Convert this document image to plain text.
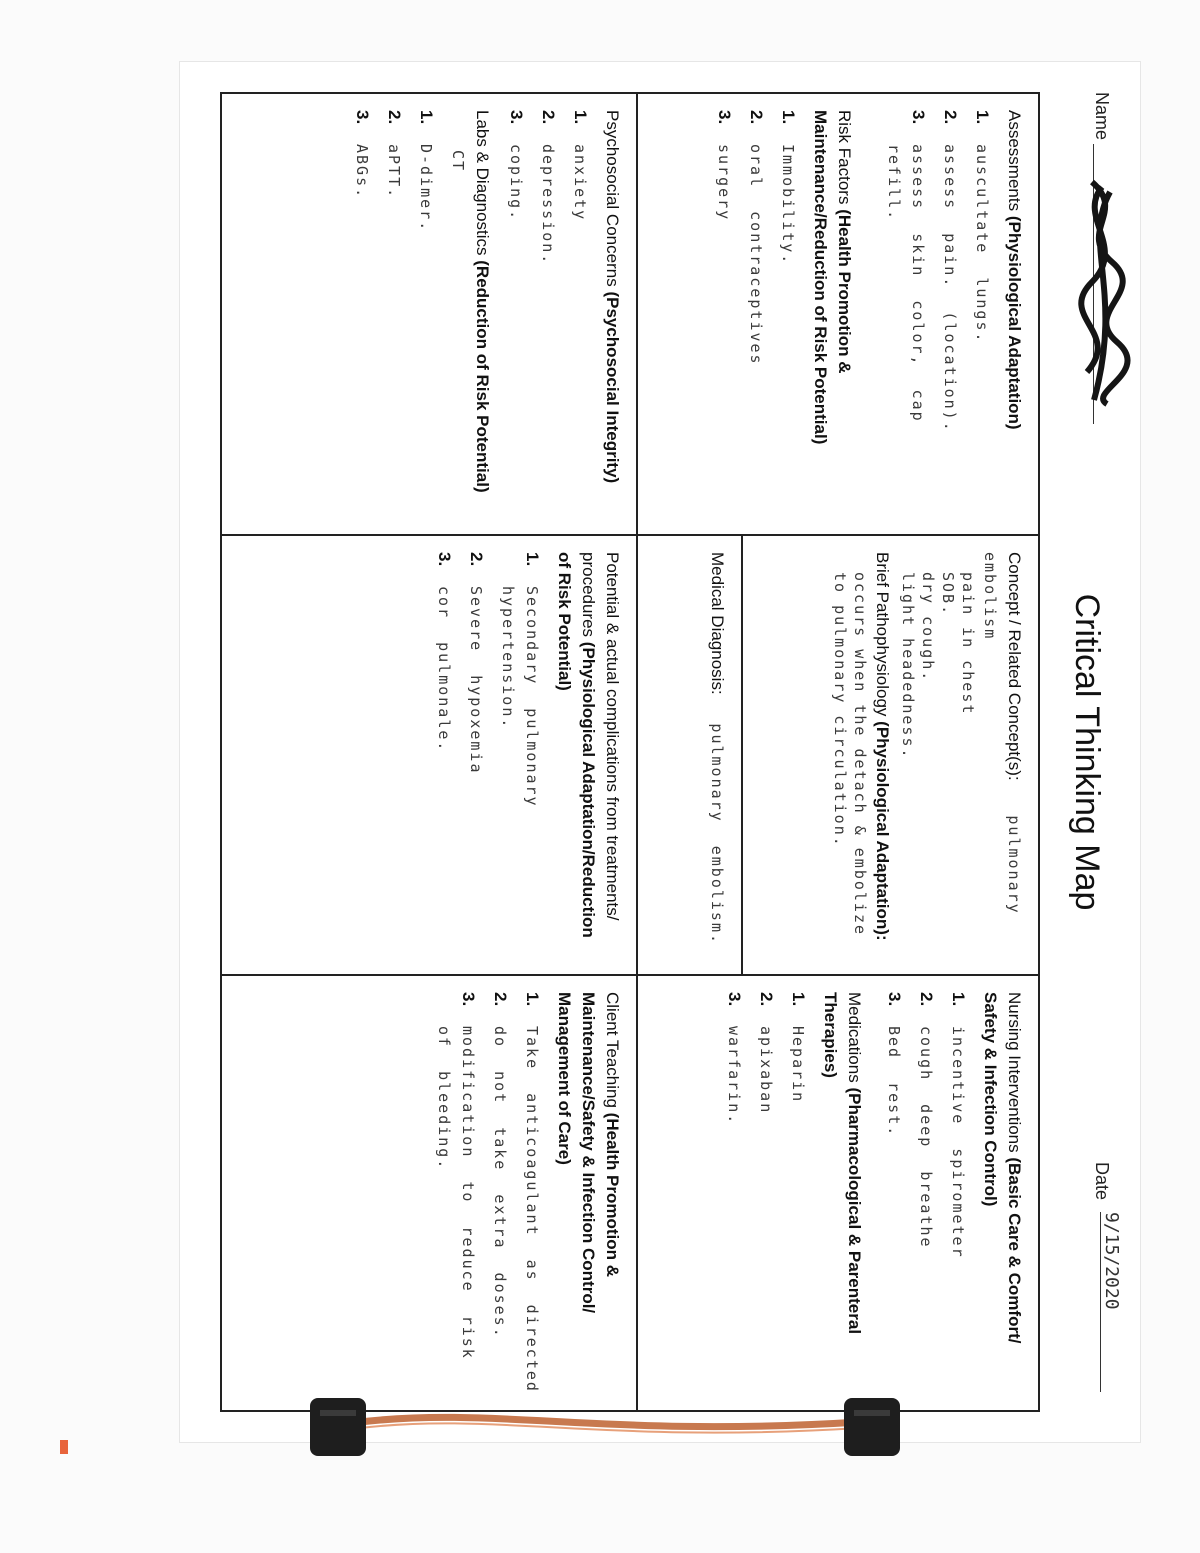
Name
Critical Thinking Map
Date
9/15/2020
Assessments (Physiological Adaptation)
1.
auscultate lungs.
2.
assess pain. (location).
3.
assess skin color, cap refill.
Risk Factors (Health Promotion & Maintenance/Reduction of Risk Potential)
1.
Immobility.
2.
oral contraceptives
3.
surgery
Psychosocial Concerns (Psychosocial Integrity)
1.
anxiety
2.
depression.
3.
coping.
Labs & Diagnostics (Reduction of Risk Potential) CT
1.
D-dimer.
2.
aPTT.
3.
ABGs.
Concept / Related Concept(s): pulmonary embolism
pain in chest
SOB.
dry cough.
light headedness.
Brief Pathophysiology (Physiological Adaptation):
occurs when the detach & embolize
to pulmonary circulation.
Medical Diagnosis: pulmonary embolism.
Potential & actual complications from treatments/ procedures (Physiological Adaptation/Reduction of Risk Potential)
1.
Secondary pulmonary hypertension.
2.
Severe hypoxemia
3.
cor pulmonale.
Nursing Interventions (Basic Care & Comfort/ Safety & Infection Control)
1.
incentive spirometer
2.
cough deep breathe
3.
Bed rest.
Medications (Pharmacological & Parenteral Therapies)
1.
Heparin
2.
apixaban
3.
warfarin.
Client Teaching (Health Promotion & Maintenance/Safety & Infection Control/ Management of Care)
1.
Take anticoagulant as directed
2.
do not take extra doses.
3.
modification to reduce risk of bleeding.
